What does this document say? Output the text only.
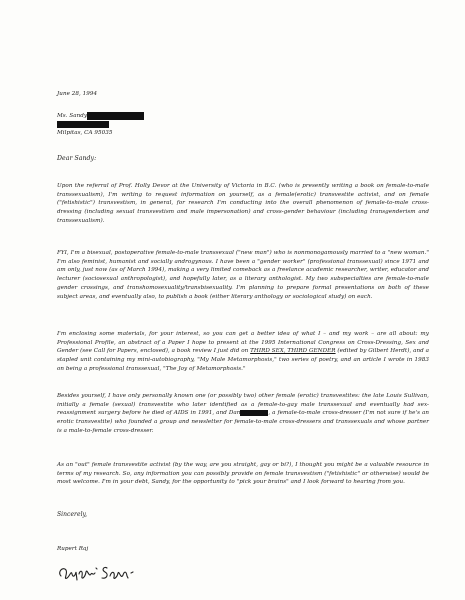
June 28, 1994

Ms. Sandy

Milpitas, CA 95035

Dear Sandy:

Upon the referral of Prof. Holly Devor at the University of Victoria in B.C. (who is presently writing a book on female-to-male transsexualism), I'm writing to request information on yourself, as a female(erotic) transvestite activist, and on female ("fetishistic") transvestism, in general, for research I'm conducting into the overall phenomenon of female-to-male cross-dressing (including sexual transvestism and male impersonation) and cross-gender behaviour (including transgenderism and transsexualism).

FYI, I'm a bisexual, postoperative female-to-male transsexual ("new man") who is nonmonogamously married to a "new woman." I'm also feminist, humanist and socially androgynous. I have been a "gender worker" (professional transsexual) since 1971 and am only, just now (as of March 1994), making a very limited comeback as a freelance academic researcher, writer, educator and lecturer (sociosexual anthropologist), and hopefully later, as a literary anthologist. My two subspecialties are female-to-male gender crossings, and transhomosexuality/transbisexuality. I'm planning to prepare formal presentations on both of these subject areas, and eventually also, to publish a book (either literary anthology or sociological study) on each.

I'm enclosing some materials, for your interest, so you can get a better idea of what I – and my work – are all about: my Professional Profile, an abstract of a Paper I hope to present at the 1995 International Congress on Cross-Dressing, Sex and Gender (see Call for Papers, enclosed), a book review I just did on THIRD SEX, THIRD GENDER (edited by Gilbert Herdt), and a stapled unit containing my mini-autobiography, "My Male Metamorphosis," two series of poetry, and an article I wrote in 1983 on being a professional transsexual, "The Joy of Metamorphosis."

Besides yourself, I have only personally known one (or possibly two) other female (erotic) transvestites: the late Louis Sullivan, initially a female (sexual) transvestite who later identified as a female-to-gay male transsexual and eventually had sex-reassignment surgery before he died of AIDS in 1991, and Dan	, a female-to-male cross-dresser (I'm not sure if he's an erotic transvestite) who founded a group and newsletter for female-to-male cross-dressers and transsexuals and whose partner is a male-to-female cross-dresser.

As an "out" female transvestite activist (by the way, are you straight, gay or bi?), I thought you might be a valuable resource in terms of my research. So, any information you can possibly provide on female transvestism ("fetishistic" or otherwise) would be most welcome. I'm in your debt, Sandy, for the opportunity to "pick your brains" and I look forward to hearing from you.

Sincerely,

Rupert Raj
